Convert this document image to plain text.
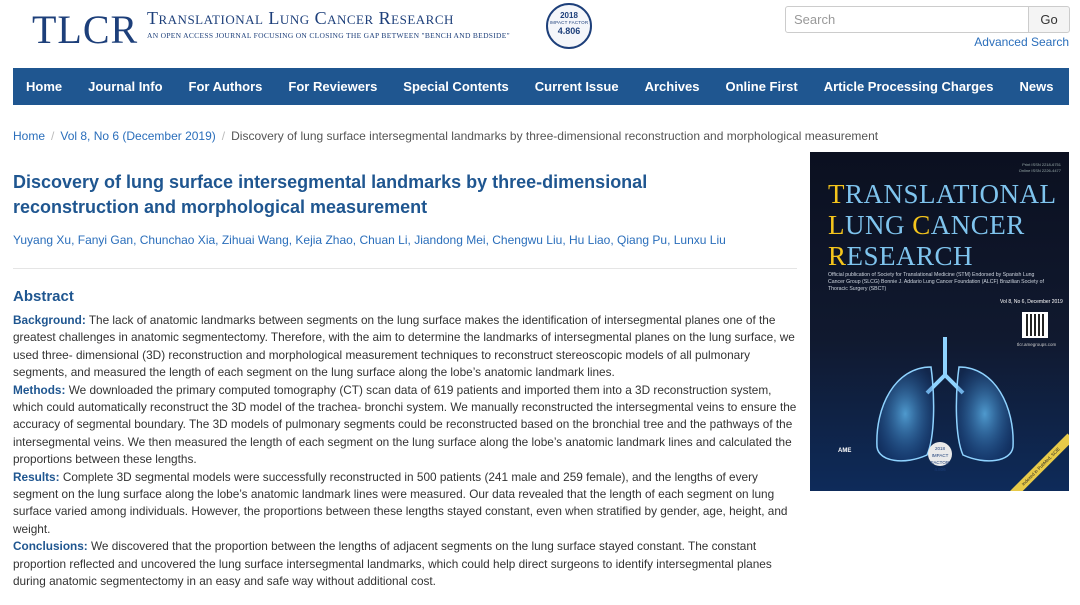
TLCR Translational Lung Cancer Research
AN OPEN ACCESS JOURNAL FOCUSING ON CLOSING THE GAP BETWEEN "BENCH AND BEDSIDE"
2018
IMPACT FACTOR
4.806
Search
Go
Advanced Search
Home	Journal Info	For Authors	For Reviewers	Special Contents	Current Issue	Archives	Online First	Article Processing Charges	News
Home / Vol 8, No 6 (December 2019) / Discovery of lung surface intersegmental landmarks by three-dimensional reconstruction and morphological measurement
Discovery of lung surface intersegmental landmarks by three-dimensional reconstruction and morphological measurement
Yuyang Xu, Fanyi Gan, Chunchao Xia, Zihuai Wang, Kejia Zhao, Chuan Li, Jiandong Mei, Chengwu Liu, Hu Liao, Qiang Pu, Lunxu Liu
Abstract

Background: The lack of anatomic landmarks between segments on the lung surface makes the identification of intersegmental planes one of the greatest challenges in anatomic segmentectomy. Therefore, with the aim to determine the landmarks of intersegmental planes on the lung surface, we used three- dimensional (3D) reconstruction and morphological measurement techniques to reconstruct stereoscopic models of all pulmonary segments, and measured the length of each segment on the lung surface along the lobe’s anatomic landmark lines.

Methods: We downloaded the primary computed tomography (CT) scan data of 619 patients and imported them into a 3D reconstruction system, which could automatically reconstruct the 3D model of the trachea- bronchi system. We manually reconstructed the intersegmental veins to ensure the accuracy of segmental boundary. The 3D models of pulmonary segments could be reconstructed based on the bronchial tree and the pathways of the intersegmental veins. We then measured the length of each segment on the lung surface along the lobe’s anatomic landmark lines and calculated the proportions between these lengths.

Results: Complete 3D segmental models were successfully reconstructed in 500 patients (241 male and 259 female), and the lengths of every segment on the lung surface along the lobe’s anatomic landmark lines were measured. Our data revealed that the length of each segment on lung surface varied among individuals. However, the proportions between these lengths stayed constant, even when stratified by gender, age, height, and weight.

Conclusions: We discovered that the proportion between the lengths of adjacent segments on the lung surface stayed constant. The constant proportion reflected and uncovered the lung surface intersegmental landmarks, which could help direct surgeons to identify intersegmental planes during anatomic segmentectomy in an easy and safe way without additional cost.

Print ISSN 2218-6751
Online ISSN 2226-4477
TRANSLATIONAL
LUNG CANCER
RESEARCH
Official publication of Society for Translational Medicine (STM) Endorsed by Spanish Lung Cancer Group (SLCG) Bonnie J. Addario Lung Cancer Foundation (ALCF) Brazilian Society of Thoracic Surgery (SBCT)
Vol 8, No 6, December 2019
tlcr.amegroups.com
AME	2018 IMPACT FACTOR 4.806	Indexed in PubMed, SCIE
